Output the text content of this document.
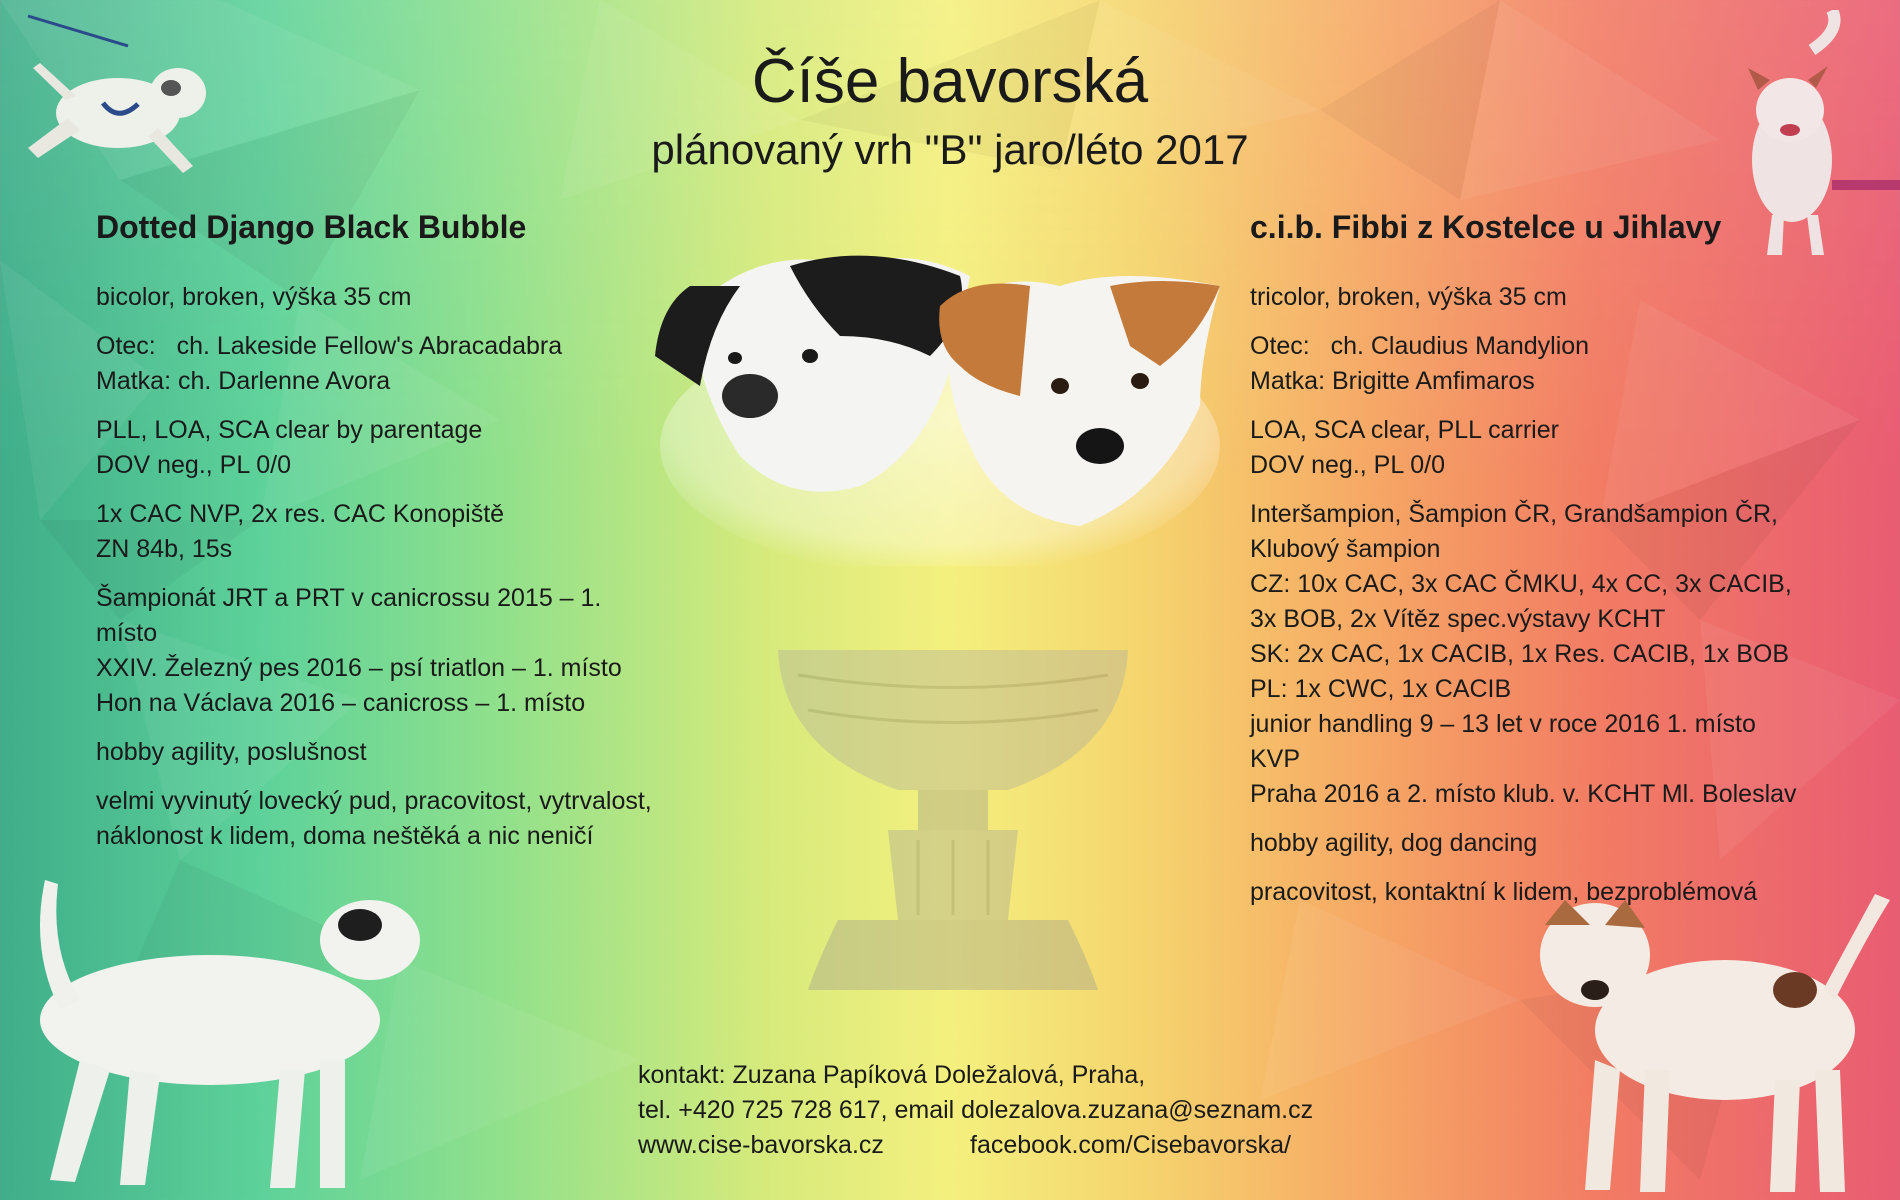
Číše bavorská
plánovaný vrh "B" jaro/léto 2017
Dotted Django Black Bubble

bicolor, broken, výška 35 cm

Otec:   ch. Lakeside Fellow's Abracadabra
Matka: ch. Darlenne Avora

PLL, LOA, SCA clear by parentage
DOV neg., PL 0/0

1x CAC NVP, 2x res. CAC Konopiště
ZN 84b, 15s

Šampionát JRT a PRT v canicrossu 2015 – 1. místo
XXIV. Železný pes 2016 – psí triatlon – 1. místo
Hon na Václava 2016 – canicross – 1. místo

hobby agility, poslušnost

velmi vyvinutý lovecký pud, pracovitost, vytrvalost,
náklonost k lidem, doma neštěká a nic neničí

c.i.b. Fibbi z Kostelce u Jihlavy

tricolor, broken, výška 35 cm

Otec:   ch. Claudius Mandylion
Matka: Brigitte Amfimaros

LOA, SCA clear, PLL carrier
DOV neg., PL 0/0

Interšampion, Šampion ČR, Grandšampion ČR,
Klubový šampion
CZ: 10x CAC, 3x CAC ČMKU, 4x CC, 3x CACIB,
3x BOB, 2x Vítěz spec.výstavy KCHT
SK: 2x CAC, 1x CACIB, 1x Res. CACIB, 1x BOB
PL: 1x CWC, 1x CACIB
junior handling 9 – 13 let v roce 2016 1. místo KVP
Praha 2016 a 2. místo klub. v. KCHT Ml. Boleslav

hobby agility, dog dancing

pracovitost, kontaktní k lidem, bezproblémová

kontakt: Zuzana Papíková Doležalová, Praha,
tel. +420 725 728 617, email dolezalova.zuzana@seznam.cz
www.cise-bavorska.cz	facebook.com/Cisebavorska/
